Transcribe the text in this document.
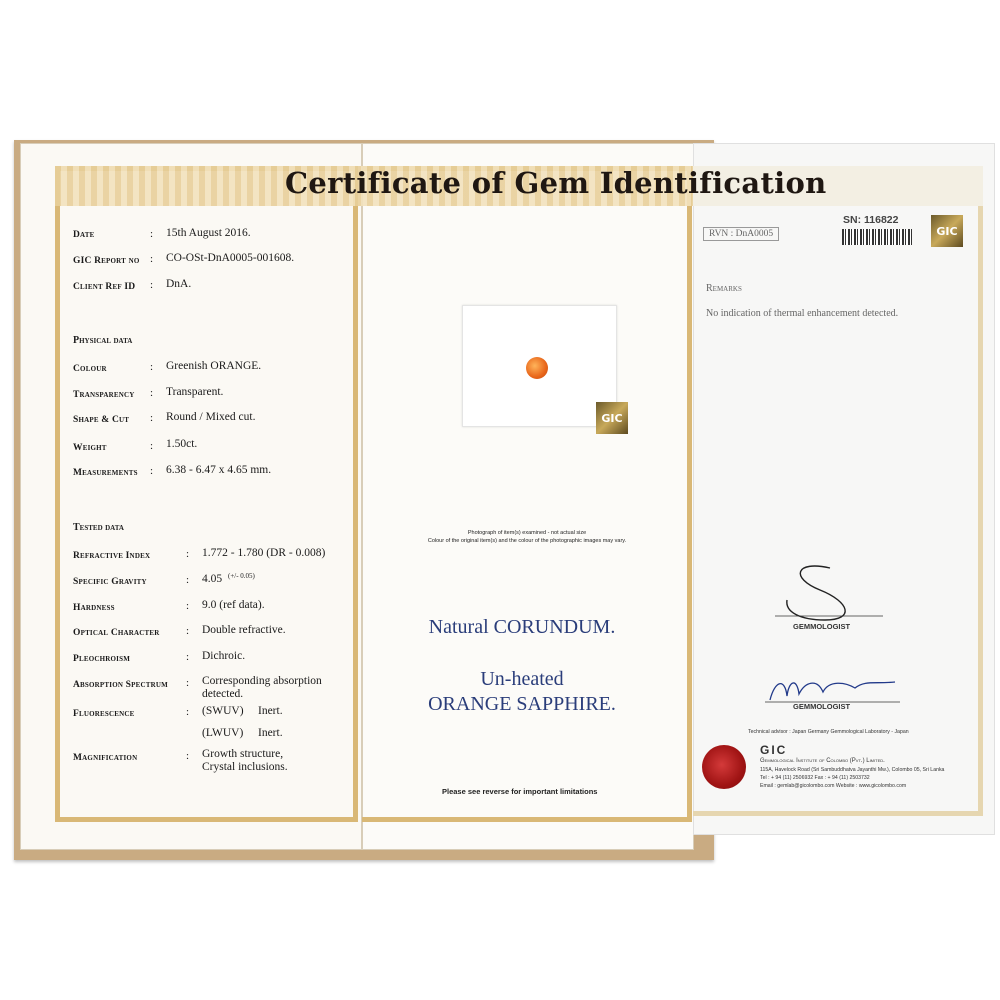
Certificate of Gem Identification
Date	: 15th August 2016.
GIC Report no : CO-OSt-DnA0005-001608.
Client Ref ID : DnA.
Physical data
Colour	: Greenish ORANGE.
Transparency : Transparent.
Shape & Cut : Round / Mixed cut.
Weight	: 1.50ct.
Measurements : 6.38 - 6.47 x 4.65 mm.
Tested data
Refractive Index	: 1.772 - 1.780 (DR - 0.008)
Specific Gravity	: 4.05 (+/- 0.05)
Hardness	: 9.0 (ref data).
Optical Character : Double refractive.
Pleochroism	: Dichroic.
Absorption Spectrum : Corresponding absorption
detected.
Fluorescence	: (SWUV) Inert.
(LWUV) Inert.
Magnification	: Growth structure,
Crystal inclusions.
GIC
Photograph of item(s) examined - not actual size
Colour of the original item(s) and the colour of the photographic images may vary.
Natural CORUNDUM.
Un-heated
ORANGE SAPPHIRE.
Please see reverse for important limitations
RVN : DnA0005
SN: 116822
GIC
Remarks
No indication of thermal enhancement detected.
GEMMOLOGIST
GEMMOLOGIST
Technical advisor : Japan Germany Gemmological Laboratory - Japan
GIC
Gemmological Institute of Colombo (Pvt.) Limited.
115A, Havelock Road (Sri Sambuddhatva Jayanthi Mw.), Colombo 05, Sri Lanka
Tel : + 94 (11) 2506932 Fax : + 94 (11) 2503732
Email : gemlab@gicolombo.com Website : www.gicolombo.com
